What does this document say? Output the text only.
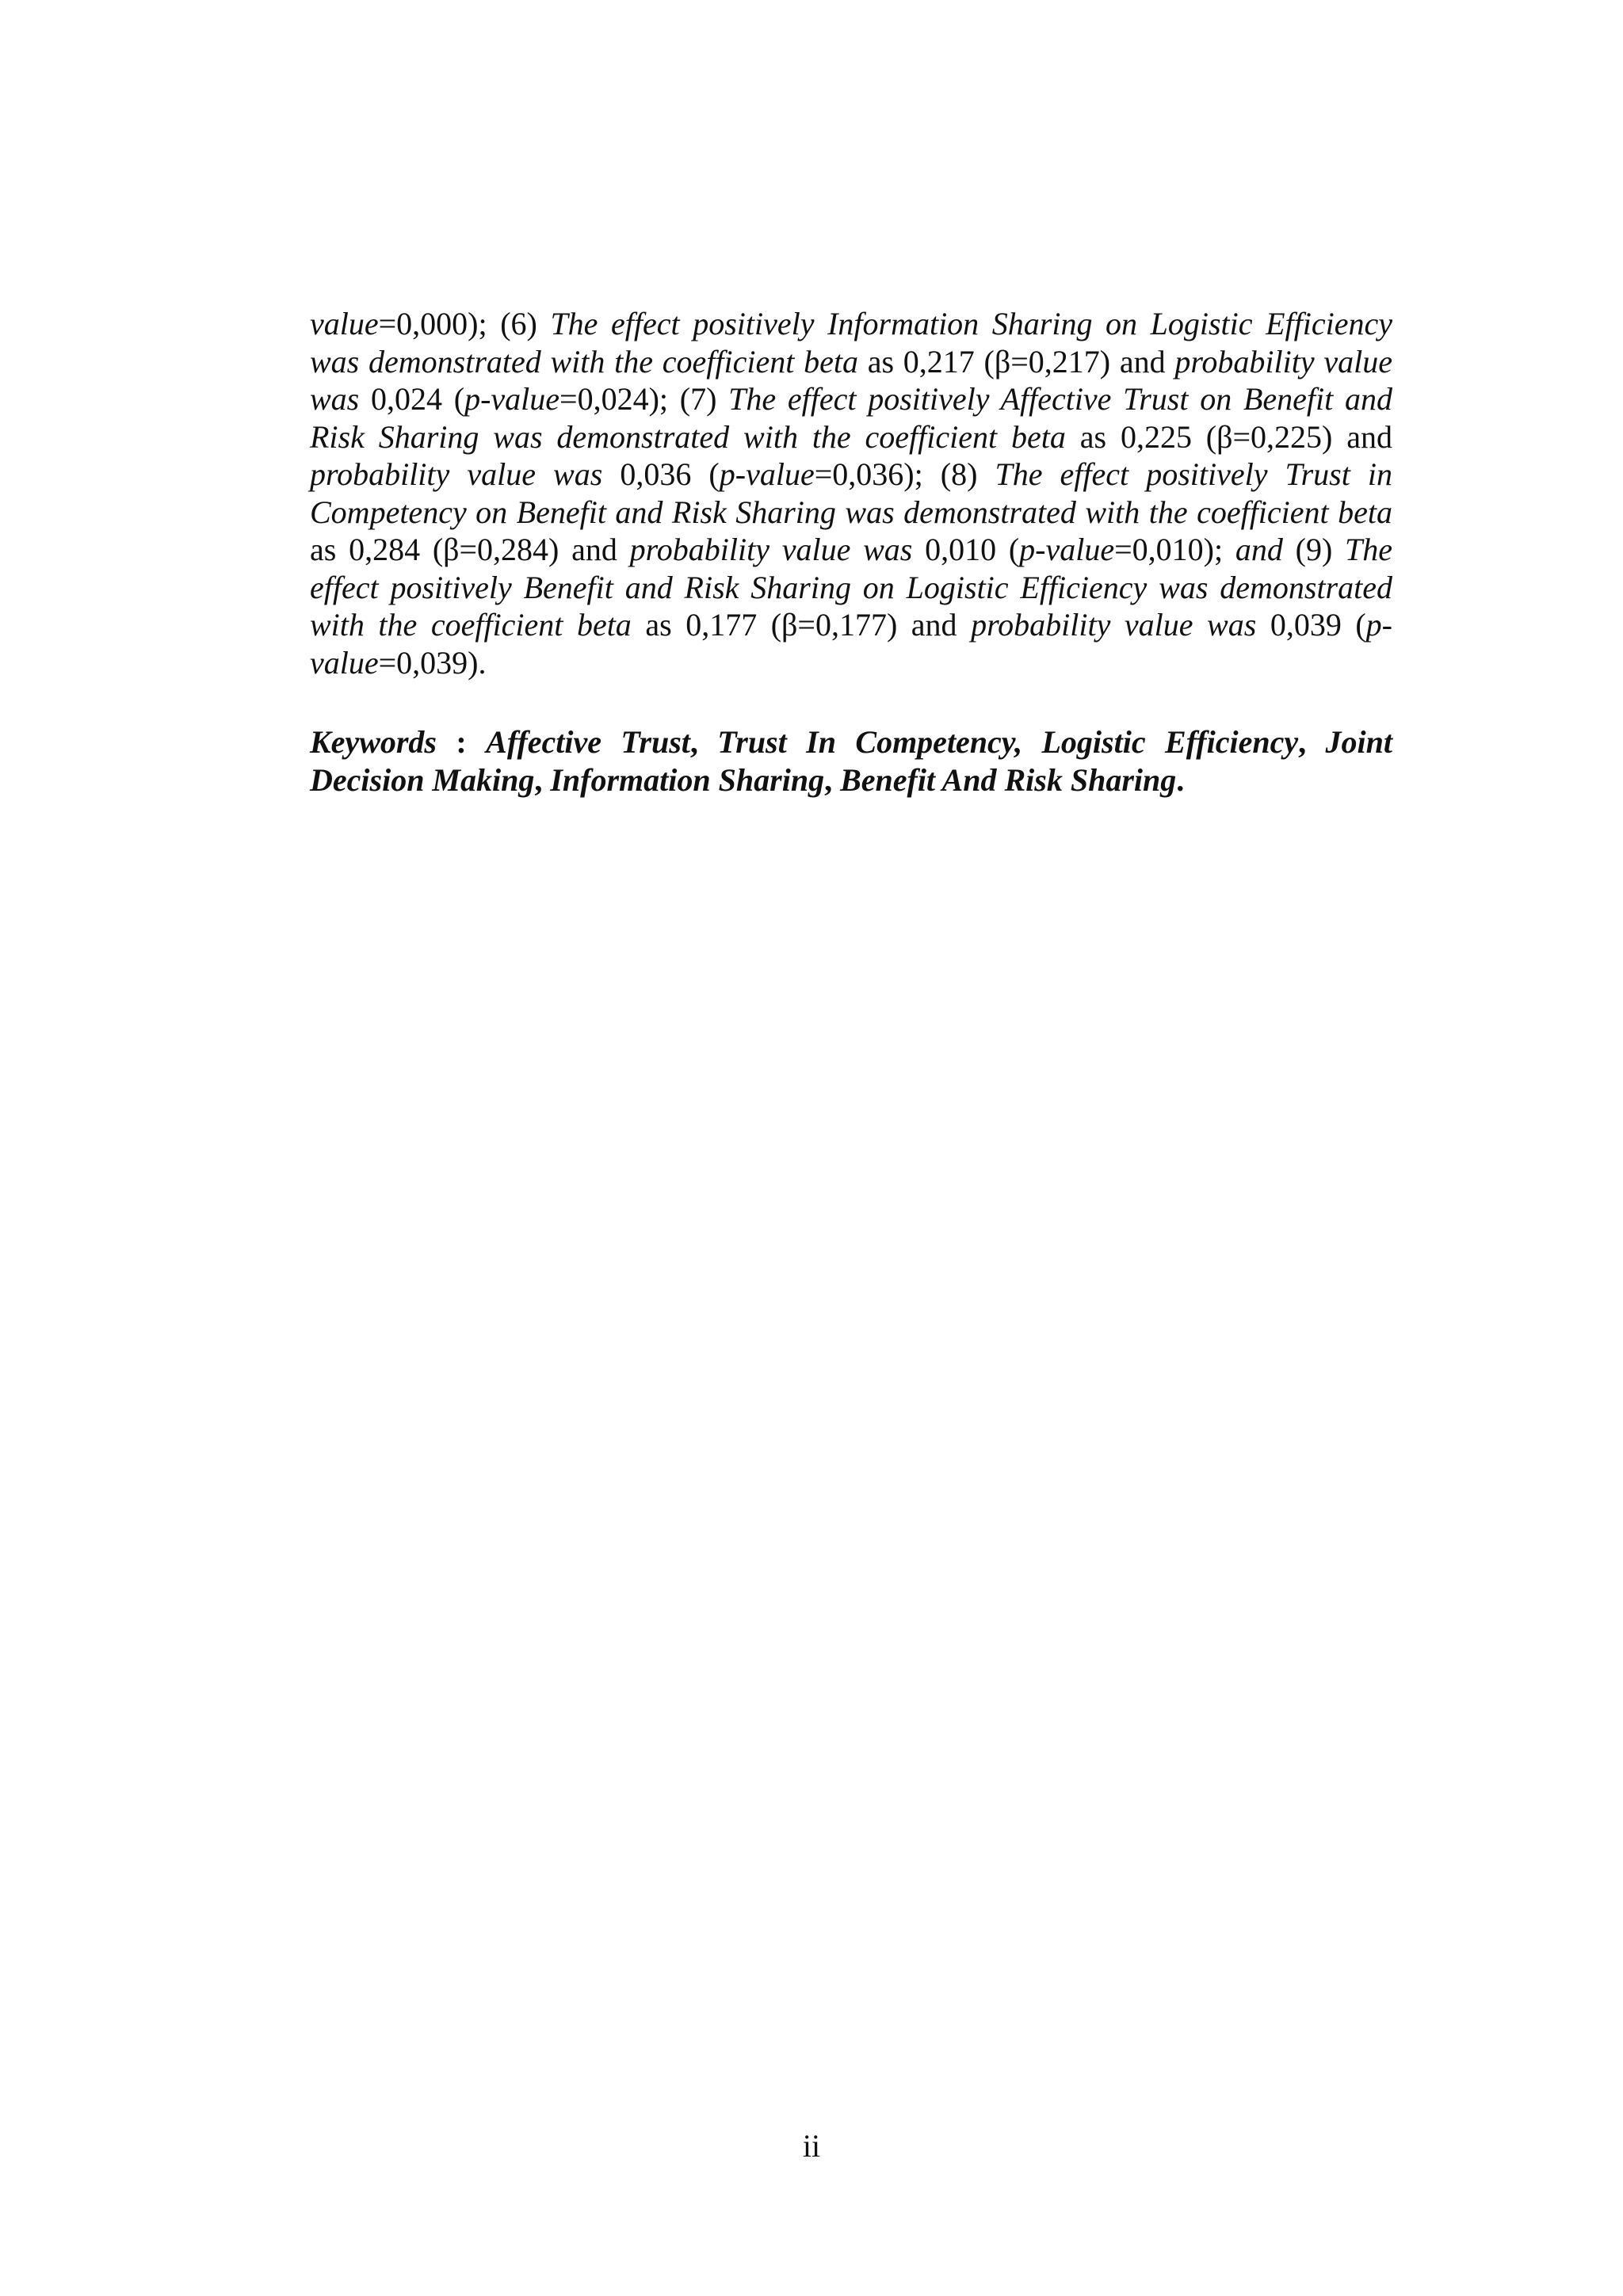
value=0,000); (6) The effect positively Information Sharing on Logistic Efficiency was demonstrated with the coefficient beta as 0,217 (β=0,217) and probability value was 0,024 (p-value=0,024); (7) The effect positively Affective Trust on Benefit and Risk Sharing was demonstrated with the coefficient beta as 0,225 (β=0,225) and probability value was 0,036 (p-value=0,036); (8) The effect positively Trust in Competency on Benefit and Risk Sharing was demonstrated with the coefficient beta as 0,284 (β=0,284) and probability value was 0,010 (p-value=0,010); and (9) The effect positively Benefit and Risk Sharing on Logistic Efficiency was demonstrated with the coefficient beta as 0,177 (β=0,177) and probability value was 0,039 (p-value=0,039).

Keywords : Affective Trust, Trust In Competency, Logistic Efficiency, Joint Decision Making, Information Sharing, Benefit And Risk Sharing.

ii
